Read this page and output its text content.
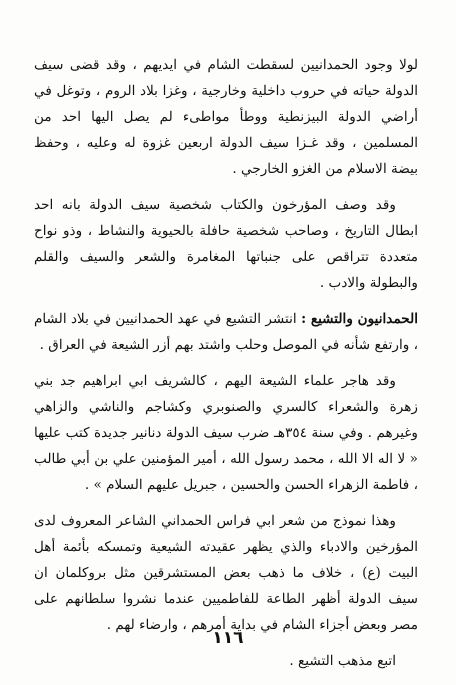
لولا وجود الحمدانيين لسقطت الشام في ايديهم ، وقد قضى سيف الدولة حياته في حروب داخلية وخارجية ، وغزا بلاد الروم ، وتوغل في أراضي الدولة البيزنطية ووطأ مواطىء لم يصل اليها احد من المسلمين ، وقد غـزا سيف الدولة اربعين غزوة له وعليه ، وحفظ بيضة الاسلام من الغزو الخارجي .

وقد وصف المؤرخون والكتاب شخصية سيف الدولة بانه احد ابطال التاريخ ، وصاحب شخصية حافلة بالحيوية والنشاط ، وذو نواح متعددة تتراقص على جنباتها المغامرة والشعر والسيف والقلم والبطولة والادب .

الحمدانيون والتشيع : انتشر التشيع في عهد الحمدانيين في بلاد الشام ، وارتفع شأنه في الموصل وحلب واشتد بهم أزر الشيعة في العراق .

وقد هاجر علماء الشيعة اليهم ، كالشريف ابي ابراهيم جد بني زهرة والشعراء كالسري والصنوبري وكشاجم والناشي والزاهي وغيرهم . وفي سنة ٣٥٤هـ ضرب سيف الدولة دنانير جديدة كتب عليها « لا اله الا الله ، محمد رسول الله ، أمير المؤمنين علي بن أبي طالب ، فاطمة الزهراء الحسن والحسين ، جبريل عليهم السلام » .

وهذا نموذج من شعر ابي فراس الحمداني الشاعر المعروف لدى المؤرخين والادباء والذي يظهر عقيدته الشيعية وتمسكه بأئمة أهل البيت (ع) ، خلاف ما ذهب بعض المستشرقين مثل بروكلمان ان سيف الدولة أظهر الطاعة للفاطميين عندما نشروا سلطانهم على مصر وبعض أجزاء الشام في بداية أمرهم ، وارضاء لهم .

اتبع مذهب التشيع .

١١٦
